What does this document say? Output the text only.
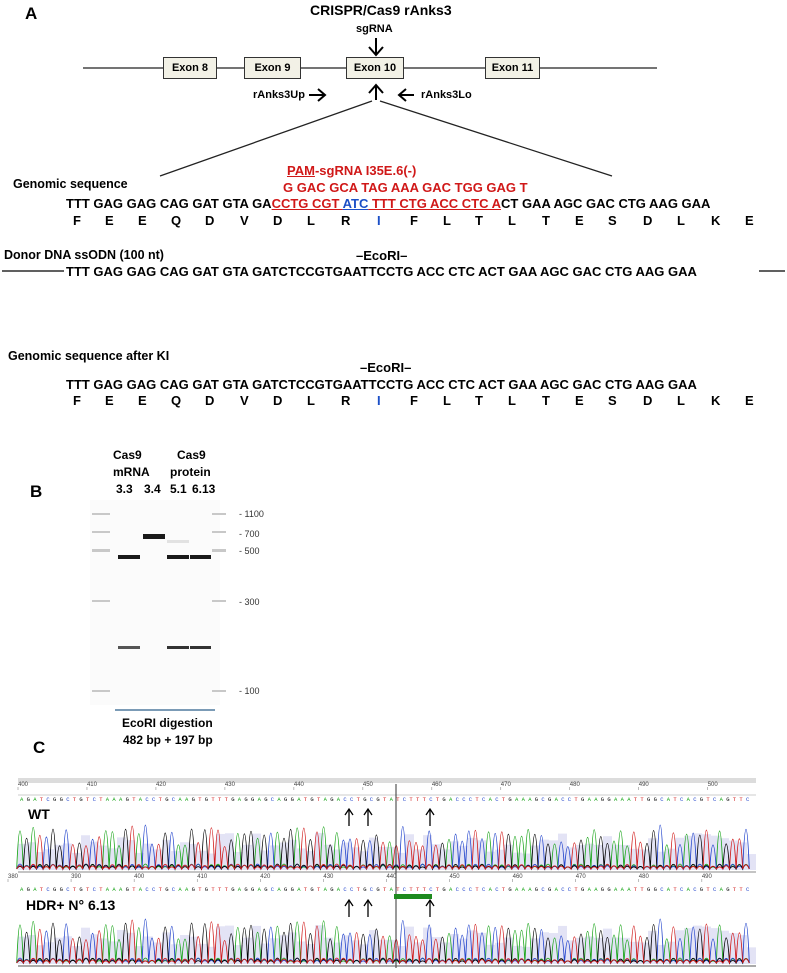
A	CRISPR/Cas9 rAnks3
sgRNA
Exon 8	Exon 9	Exon 10	Exon 11
rAnks3Up	rAnks3Lo
PAM-sgRNA I35E.6(-)
G GAC GCA TAG AAA GAC TGG GAG T
Genomic sequence
TTT GAG GAG CAG GAT GTA GACCTG CGT ATC TTT CTG ACC CTC ACT GAA AGC GAC CTG AAG GAA
F E E Q D V D L R I F L T L T E S D L K E
Donor DNA ssODN (100 nt)	–EcoRI–
TTT GAG GAG CAG GAT GTA GATCTCCGTGAATTCCTG ACC CTC ACT GAA AGC GAC CTG AAG GAA
Genomic sequence after KI
–EcoRI–
TTT GAG GAG CAG GAT GTA GATCTCCGTGAATTCCTG ACC CTC ACT GAA AGC GAC CTG AAG GAA
F E E Q D V D L R I F L T L T E S D L K E
B
Cas9
mRNA
Cas9
protein
3.3 3.4 5.1 6.13
- 1100
- 700
- 500
- 300
- 100
EcoRI digestion
482 bp + 197 bp
C
400	410	420	430	440	450	460	470	480	490	500
A G A T C G G C T G T C T A A A G T A C C T G C A A G T G T T T G A G G A G C A G G A T G T A G A C C T G C G T A T C T T T C T G A C C C T C A C T G A A A G C G A C C T G A A G G A A A T T G G C A T C A C G T C A G T T C
380	390	400	410	420	430	440	450	460	470	480	490
A G A T C G G C T G T C T A A A G T A C C T G C A A G T G T T T G A G G A G C A G G A T G T A G A C C T G C G T A T C T T T C T G A C C C T C A C T G A A A G C G A C C T G A A G G A A A T T G G C A T C A C G T C A G T T C
WT
HDR+ N° 6.13
